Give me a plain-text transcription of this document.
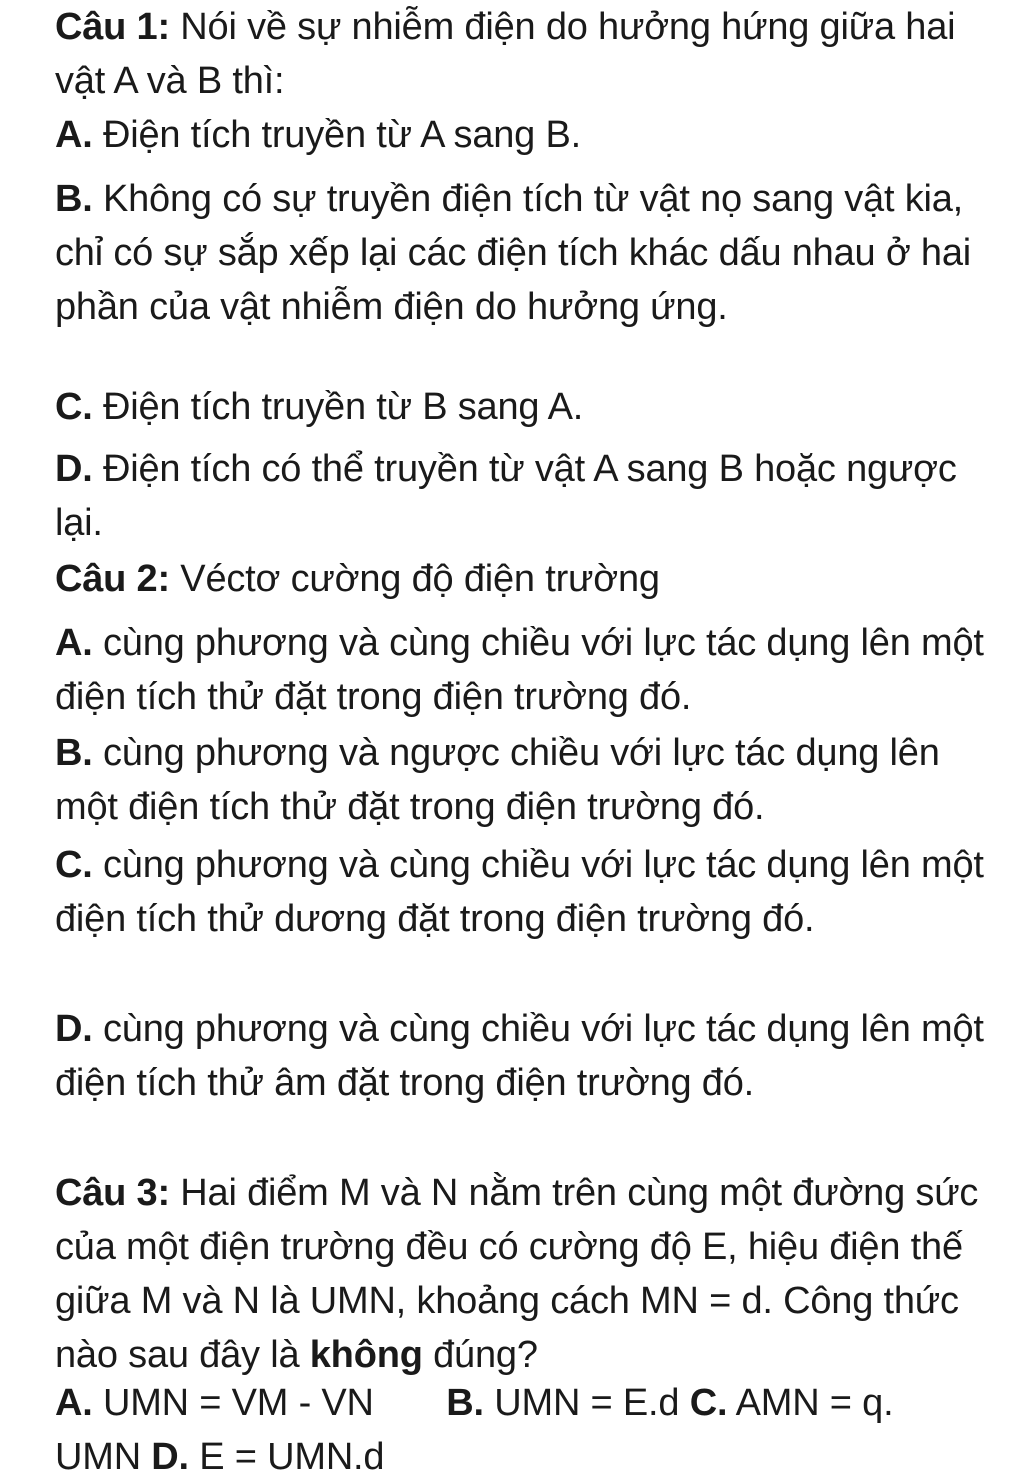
Câu 1: Nói về sự nhiễm điện do hưởng hứng giữa hai vật A và B thì:

A. Điện tích truyền từ A sang B.

B. Không có sự truyền điện tích từ vật nọ sang vật kia, chỉ có sự sắp xếp lại các điện tích khác dấu nhau ở hai phần của vật nhiễm điện do hưởng ứng.

C. Điện tích truyền từ B sang A.

D. Điện tích có thể truyền từ vật A sang B hoặc ngược lại.

Câu 2: Véctơ cường độ điện trường

A. cùng phương và cùng chiều với lực tác dụng lên một điện tích thử đặt trong điện trường đó.

B. cùng phương và ngược chiều với lực tác dụng lên một điện tích thử đặt trong điện trường đó.

C. cùng phương và cùng chiều với lực tác dụng lên một điện tích thử dương đặt trong điện trường đó.

D. cùng phương và cùng chiều với lực tác dụng lên một điện tích thử âm đặt trong điện trường đó.

Câu 3: Hai điểm M và N nằm trên cùng một đường sức của một điện trường đều có cường độ E, hiệu điện thế giữa M và N là UMN, khoảng cách MN = d. Công thức nào sau đây là không đúng?

A. UMN = VM - VN B. UMN = E.d C. AMN = q. UMN D. E = UMN.d
